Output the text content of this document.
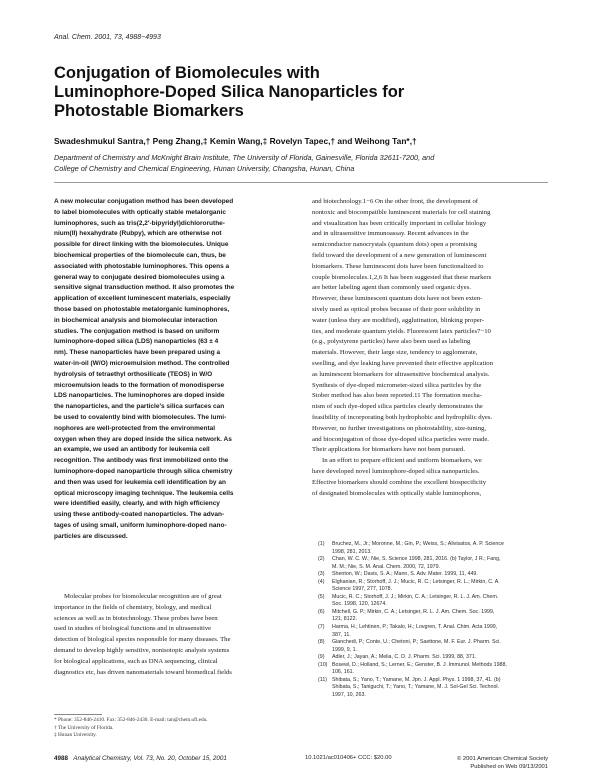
Anal. Chem. 2001, 73, 4988−4993
Conjugation of Biomolecules with
Luminophore-Doped Silica Nanoparticles for
Photostable Biomarkers
Swadeshmukul Santra,† Peng Zhang,‡ Kemin Wang,‡ Rovelyn Tapec,† and Weihong Tan*,†
Department of Chemistry and McKnight Brain Institute, The University of Florida, Gainesville, Florida 32611-7200, and
College of Chemistry and Chemical Engineering, Hunan University, Changsha, Hunan, China
A new molecular conjugation method has been developed
to label biomolecules with optically stable metalorganic
luminophores, such as tris(2,2′-bipyridyl)dichlororuthe-
nium(II) hexahydrate (Rubpy), which are otherwise not
possible for direct linking with the biomolecules. Unique
biochemical properties of the biomolecule can, thus, be
associated with photostable luminophores. This opens a
general way to conjugate desired biomolecules using a
sensitive signal transduction method. It also promotes the
application of excellent luminescent materials, especially
those based on photostable metalorganic luminophores,
in biochemical analysis and biomolecular interaction
studies. The conjugation method is based on uniform
luminophore-doped silica (LDS) nanoparticles (63 ± 4
nm). These nanoparticles have been prepared using a
water-in-oil (W/O) microemulsion method. The controlled
hydrolysis of tetraethyl orthosilicate (TEOS) in W/O
microemulsion leads to the formation of monodisperse
LDS nanoparticles. The luminophores are doped inside
the nanoparticles, and the particle's silica surfaces can
be used to covalently bind with biomolecules. The lumi-
nophores are well-protected from the environmental
oxygen when they are doped inside the silica network. As
an example, we used an antibody for leukemia cell
recognition. The antibody was first immobilized onto the
luminophore-doped nanoparticle through silica chemistry
and then was used for leukemia cell identification by an
optical microscopy imaging technique. The leukemia cells
were identified easily, clearly, and with high efficiency
using these antibody-coated nanoparticles. The advan-
tages of using small, uniform luminophore-doped nano-
particles are discussed.
Molecular probes for biomolecular recognition are of great
importance in the fields of chemistry, biology, and medical
sciences as well as in biotechnology. These probes have been
used in studies of biological functions and in ultrasensitive
detection of biological species responsible for many diseases. The
demand to develop highly sensitive, nonisotopic analysis systems
for biological applications, such as DNA sequencing, clinical
diagnostics etc, has driven nanomaterials toward biomedical fields
* Phone: 352-846-2410. Fax: 352-846-2430. E-mail: tan@chem.ufl.edu.
† The University of Florida.
‡ Hunan University.
and biotechnology.1−6 On the other front, the development of
nontoxic and biocompatible luminescent materials for cell staining
and visualization has been critically important in cellular biology
and in ultrasensitive immunoassay. Recent advances in the
semiconductor nanocrystals (quantum dots) open a promising
field toward the development of a new generation of luminescent
biomarkers. These luminescent dots have been functionalized to
couple biomolecules.1,2,6 It has been suggested that these markers
are better labeling agent than commonly used organic dyes.
However, these luminescent quantum dots have not been exten-
sively used as optical probes because of their poor solubility in
water (unless they are modified), agglutination, blinking proper-
ties, and moderate quantum yields. Fluorescent latex particles7−10
(e.g., polystyrene particles) have also been used as labeling
materials. However, their large size, tendency to agglomerate,
swelling, and dye leaking have prevented their effective application
as luminescent biomarkers for ultrasensitive biochemical analysis.
Synthesis of dye-doped micrometer-sized silica particles by the
Stober method has also been reported.11 The formation mecha-
nism of such dye-doped silica particles clearly demonstrates the
feasibility of incorporating both hydrophobic and hydrophilic dyes.
However, no further investigations on photostability, size-tuning,
and bioconjugation of those dye-doped silica particles were made.
Their applications for biomarkers have not been pursued.
In an effort to prepare efficient and uniform biomarkers, we
have developed novel luminophore-doped silica nanoparticles.
Effective biomarkers should combine the excellent biospecificity
of designated biomolecules with optically stable luminophores,
(1) Bruchez, M., Jr.; Moronne, M.; Gin, P.; Weiss, S.; Alivisatos, A. P. Science
1998, 281, 2013.
(2) Chan, W. C. W.; Nie, S. Science 1998, 281, 2016. (b) Taylor, J R.; Fang,
M. M.; Nie, S. M. Anal. Chem. 2000, 72, 1979.
(3) Shenton, W.; Davis, S. A.; Mann, S. Adv. Mater. 1999, 11, 449.
(4) Elghanian, R.; Storhoff, J. J.; Mucic, R. C.; Letsinger, R. L.; Mirkin, C. A.
Science 1997, 277, 1078.
(5) Mucic, R. C.; Storhoff, J. J.; Mirkin, C. A.; Letsinger, R. L. J. Am. Chem.
Soc. 1998, 120, 12674.
(6) Mitchell, G. P.; Mirkin, C. A.; Letsinger, R. L. J. Am. Chem. Soc. 1999,
121, 8122.
(7) Harma, H.; Lehtinen, P.; Takalo, H.; Lovgren, T. Anal. Chim. Acta 1999,
387, 11.
(8) Gianchedi, P.; Conte, U.; Chetoni, P.; Saettone, M. F. Eur. J. Pharm. Sci.
1999, 9, 1.
(9) Adler, J.; Jayan, A.; Melia, C. D. J. Pharm. Sci. 1999, 88, 371.
(10) Bosewl, D.; Holland, S.; Lerner, E.; Genster, B. J. Immunol. Methods 1988,
106, 161.
(11) Shibata, S.; Yano, T.; Yamane, M. Jpn. J. Appl. Phys. 1 1998, 37, 41. (b)
Shibata, S.; Taniguchi, T.; Yano, T.; Yamane, M. J. Sol-Gel Sci. Technol.
1997, 10, 263.
4988 Analytical Chemistry, Vol. 73, No. 20, October 15, 2001	10.1021/ac010406+ CCC: $20.00	© 2001 American Chemical Society
Published on Web 09/13/2001
